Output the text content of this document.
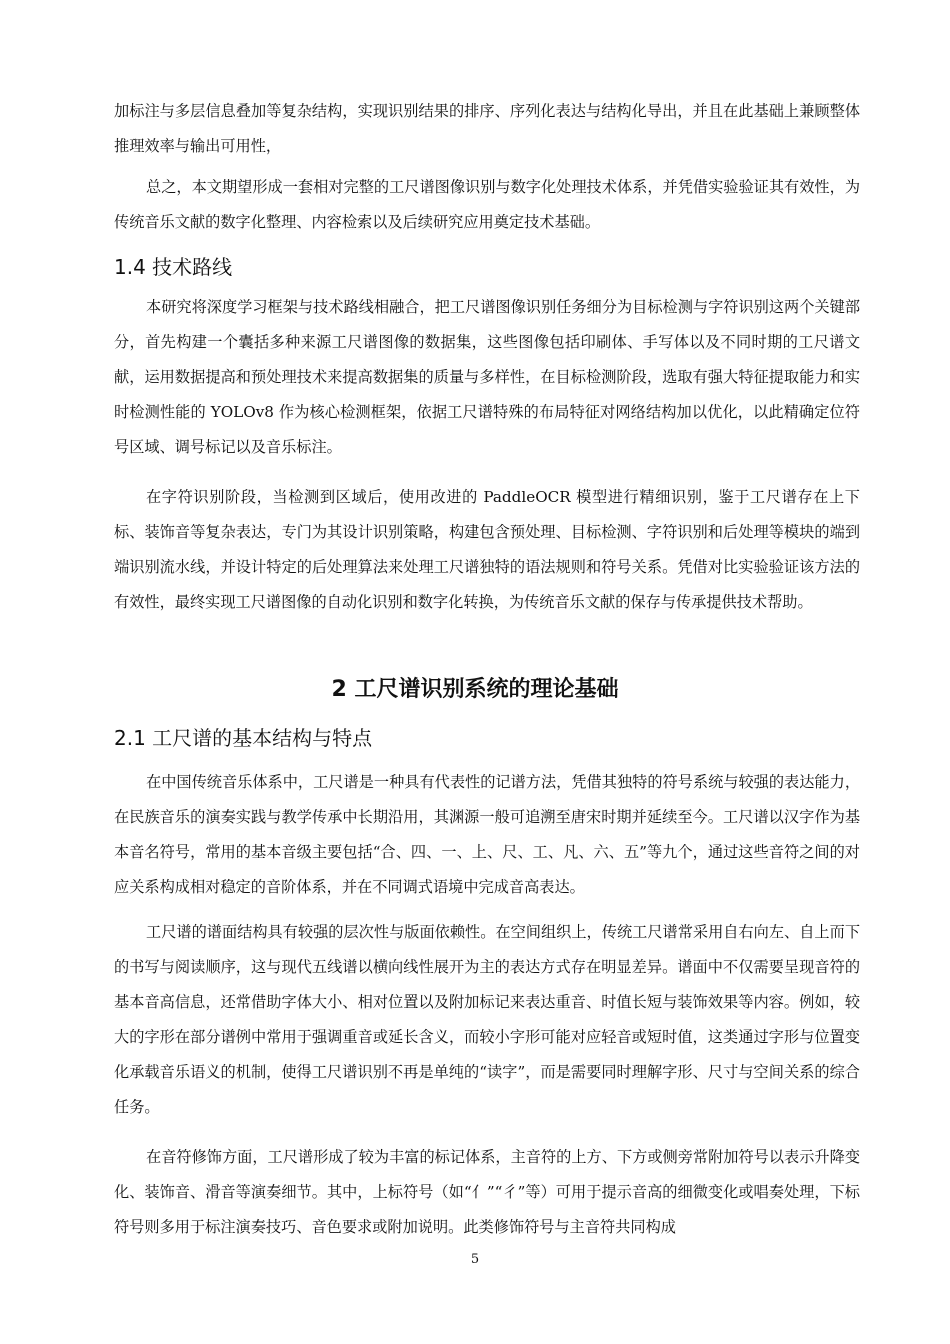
加标注与多层信息叠加等复杂结构，实现识别结果的排序、序列化表达与结构化导出，并且在此基础上兼顾整体推理效率与输出可用性，

总之，本文期望形成一套相对完整的工尺谱图像识别与数字化处理技术体系，并凭借实验验证其有效性，为传统音乐文献的数字化整理、内容检索以及后续研究应用奠定技术基础。

1.4 技术路线

本研究将深度学习框架与技术路线相融合，把工尺谱图像识别任务细分为目标检测与字符识别这两个关键部分，首先构建一个囊括多种来源工尺谱图像的数据集，这些图像包括印刷体、手写体以及不同时期的工尺谱文献，运用数据提高和预处理技术来提高数据集的质量与多样性，在目标检测阶段，选取有强大特征提取能力和实时检测性能的 YOLOv8 作为核心检测框架，依据工尺谱特殊的布局特征对网络结构加以优化，以此精确定位符号区域、调号标记以及音乐标注。

在字符识别阶段，当检测到区域后，使用改进的 PaddleOCR 模型进行精细识别，鉴于工尺谱存在上下标、装饰音等复杂表达，专门为其设计识别策略，构建包含预处理、目标检测、字符识别和后处理等模块的端到端识别流水线，并设计特定的后处理算法来处理工尺谱独特的语法规则和符号关系。凭借对比实验验证该方法的有效性，最终实现工尺谱图像的自动化识别和数字化转换，为传统音乐文献的保存与传承提供技术帮助。

2 工尺谱识别系统的理论基础
2.1 工尺谱的基本结构与特点

在中国传统音乐体系中，工尺谱是一种具有代表性的记谱方法，凭借其独特的符号系统与较强的表达能力，在民族音乐的演奏实践与教学传承中长期沿用，其渊源一般可追溯至唐宋时期并延续至今。工尺谱以汉字作为基本音名符号，常用的基本音级主要包括“合、四、一、上、尺、工、凡、六、五”等九个，通过这些音符之间的对应关系构成相对稳定的音阶体系，并在不同调式语境中完成音高表达。

工尺谱的谱面结构具有较强的层次性与版面依赖性。在空间组织上，传统工尺谱常采用自右向左、自上而下的书写与阅读顺序，这与现代五线谱以横向线性展开为主的表达方式存在明显差异。谱面中不仅需要呈现音符的基本音高信息，还常借助字体大小、相对位置以及附加标记来表达重音、时值长短与装饰效果等内容。例如，较大的字形在部分谱例中常用于强调重音或延长含义，而较小字形可能对应轻音或短时值，这类通过字形与位置变化承载音乐语义的机制，使得工尺谱识别不再是单纯的“读字”，而是需要同时理解字形、尺寸与空间关系的综合任务。

在音符修饰方面，工尺谱形成了较为丰富的标记体系，主音符的上方、下方或侧旁常附加符号以表示升降变化、装饰音、滑音等演奏细节。其中，上标符号（如“亻”“彳”等）可用于提示音高的细微变化或唱奏处理，下标符号则多用于标注演奏技巧、音色要求或附加说明。此类修饰符号与主音符共同构成

5
